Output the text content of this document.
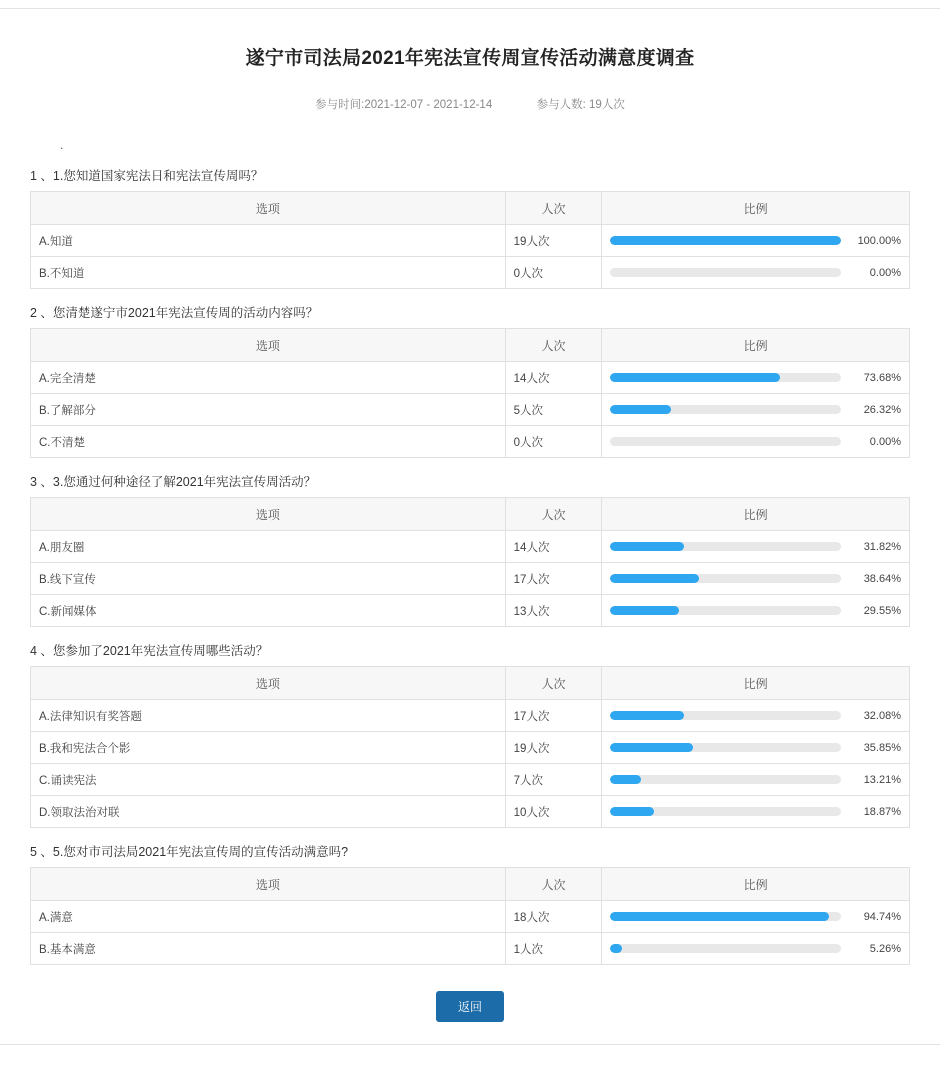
遂宁市司法局2021年宪法宣传周宣传活动满意度调查
参与时间:2021-12-07 - 2021-12-14	参与人数: 19人次
.
1 、1.您知道国家宪法日和宪法宣传周吗？
选项	人次	比例
A.知道	19人次	100.00%

B.不知道	0人次	0.00%
2 、您清楚遂宁市2021年宪法宣传周的活动内容吗？
选项	人次	比例
A.完全清楚	14人次	73.68%

B.了解部分	5人次	26.32%

C.不清楚	0人次	0.00%
3 、3.您通过何种途径了解2021年宪法宣传周活动？
选项	人次	比例
A.朋友圈	14人次	31.82%

B.线下宣传	17人次	38.64%

C.新闻媒体	13人次	29.55%
4 、您参加了2021年宪法宣传周哪些活动？
选项	人次	比例
A.法律知识有奖答题	17人次	32.08%

B.我和宪法合个影	19人次	35.85%

C.诵读宪法	7人次	13.21%

D.领取法治对联	10人次	18.87%
5 、5.您对市司法局2021年宪法宣传周的宣传活动满意吗?
选项	人次	比例
A.满意	18人次	94.74%

B.基本满意	1人次	5.26%
返回
